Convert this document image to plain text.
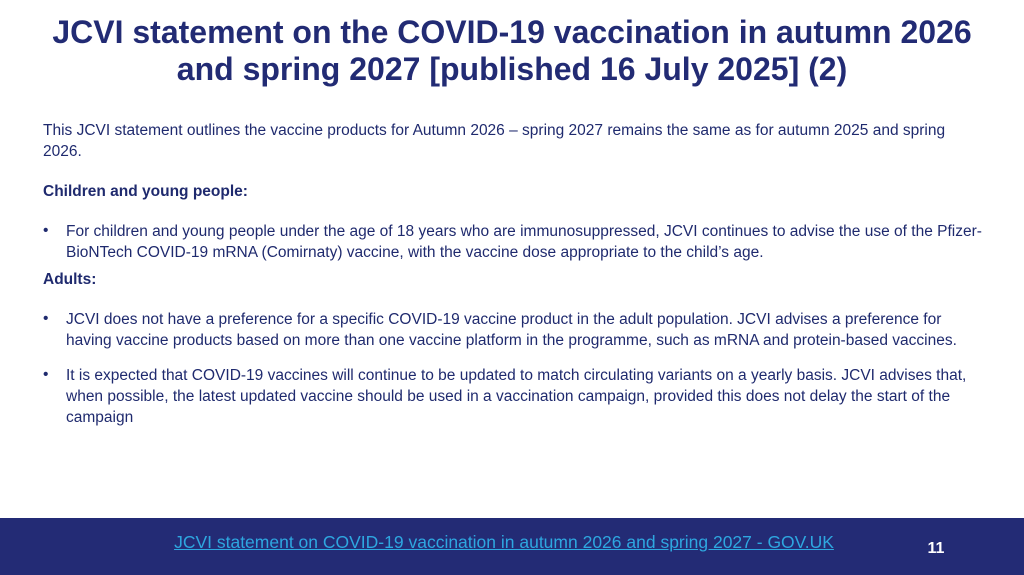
JCVI statement on the COVID-19 vaccination in autumn 2026
and spring 2027 [published 16 July 2025] (2)

This JCVI statement outlines the vaccine products for Autumn 2026 – spring 2027 remains the same as for autumn 2025 and spring 2026.

Children and young people:

•	For children and young people under the age of 18 years who are immunosuppressed, JCVI continues to advise the use of the Pfizer-BioNTech COVID-19 mRNA (Comirnaty) vaccine, with the vaccine dose appropriate to the child’s age.

Adults:

•	JCVI does not have a preference for a specific COVID-19 vaccine product in the adult population. JCVI advises a preference for having vaccine products based on more than one vaccine platform in the programme, such as mRNA and protein-based vaccines.
•	It is expected that COVID-19 vaccines will continue to be updated to match circulating variants on a yearly basis. JCVI advises that, when possible, the latest updated vaccine should be used in a vaccination campaign, provided this does not delay the start of the campaign
JCVI statement on COVID-19 vaccination in autumn 2026 and spring 2027 - GOV.UK	11
